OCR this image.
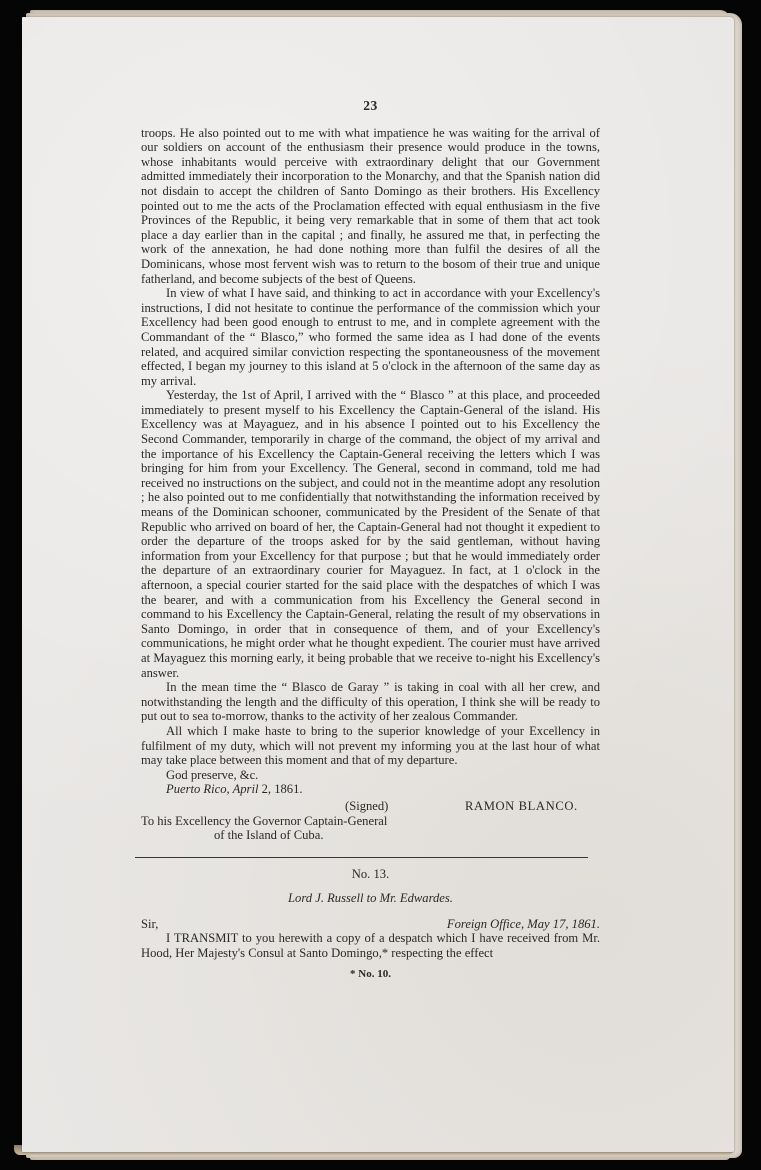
23

troops. He also pointed out to me with what impatience he was waiting for the arrival of our soldiers on account of the enthusiasm their presence would produce in the towns, whose inhabitants would perceive with extraordinary delight that our Government admitted immediately their incorporation to the Monarchy, and that the Spanish nation did not disdain to accept the children of Santo Domingo as their brothers. His Excellency pointed out to me the acts of the Proclamation effected with equal enthusiasm in the five Provinces of the Republic, it being very remarkable that in some of them that act took place a day earlier than in the capital ; and finally, he assured me that, in perfecting the work of the annexation, he had done nothing more than fulfil the desires of all the Dominicans, whose most fervent wish was to return to the bosom of their true and unique fatherland, and become subjects of the best of Queens.

In view of what I have said, and thinking to act in accordance with your Excellency's instructions, I did not hesitate to continue the performance of the commission which your Excellency had been good enough to entrust to me, and in complete agreement with the Commandant of the “ Blasco,” who formed the same idea as I had done of the events related, and acquired similar conviction respecting the spontaneousness of the movement effected, I began my journey to this island at 5 o'clock in the afternoon of the same day as my arrival.

Yesterday, the 1st of April, I arrived with the “ Blasco ” at this place, and proceeded immediately to present myself to his Excellency the Captain-General of the island. His Excellency was at Mayaguez, and in his absence I pointed out to his Excellency the Second Commander, temporarily in charge of the command, the object of my arrival and the importance of his Excellency the Captain-General receiving the letters which I was bringing for him from your Excellency. The General, second in command, told me had received no instructions on the subject, and could not in the meantime adopt any resolution ; he also pointed out to me confidentially that notwithstanding the information received by means of the Dominican schooner, communicated by the President of the Senate of that Republic who arrived on board of her, the Captain-General had not thought it expedient to order the departure of the troops asked for by the said gentleman, without having information from your Excellency for that purpose ; but that he would immediately order the departure of an extraordinary courier for Mayaguez. In fact, at 1 o'clock in the afternoon, a special courier started for the said place with the despatches of which I was the bearer, and with a communication from his Excellency the General second in command to his Excellency the Captain-General, relating the result of my observations in Santo Domingo, in order that in consequence of them, and of your Excellency's communications, he might order what he thought expedient. The courier must have arrived at Mayaguez this morning early, it being probable that we receive to-night his Excellency's answer.

In the mean time the “ Blasco de Garay ” is taking in coal with all her crew, and notwithstanding the length and the difficulty of this operation, I think she will be ready to put out to sea to-morrow, thanks to the activity of her zealous Commander.

All which I make haste to bring to the superior knowledge of your Excellency in fulfilment of my duty, which will not prevent my informing you at the last hour of what may take place between this moment and that of my departure.

God preserve, &c.
Puerto Rico, April 2, 1861.
(Signed)	RAMON BLANCO.
To his Excellency the Governor Captain-General
of the Island of Cuba.
No. 13.
Lord J. Russell to Mr. Edwardes.
Sir,	Foreign Office, May 17, 1861.

I TRANSMIT to you herewith a copy of a despatch which I have received from Mr. Hood, Her Majesty's Consul at Santo Domingo,* respecting the effect

* No. 10.
